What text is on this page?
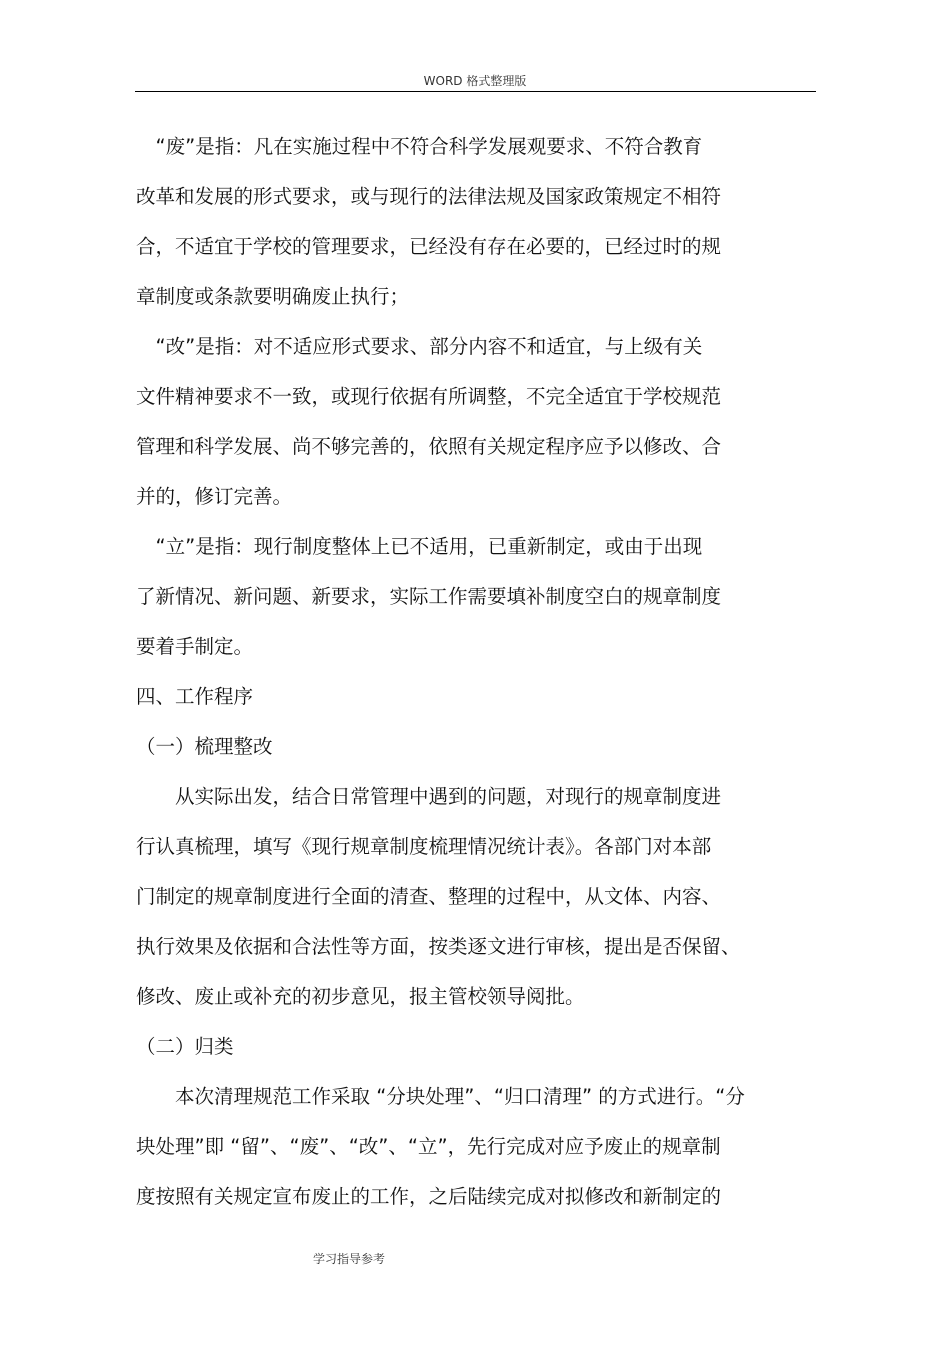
WORD 格式整理版
　“废”是指：凡在实施过程中不符合科学发展观要求、不符合教育
改革和发展的形式要求，或与现行的法律法规及国家政策规定不相符
合，不适宜于学校的管理要求，已经没有存在必要的，已经过时的规
章制度或条款要明确废止执行；
　“改”是指：对不适应形式要求、部分内容不和适宜，与上级有关
文件精神要求不一致，或现行依据有所调整，不完全适宜于学校规范
管理和科学发展、尚不够完善的，依照有关规定程序应予以修改、合
并的，修订完善。
　“立”是指：现行制度整体上已不适用，已重新制定，或由于出现
了新情况、新问题、新要求，实际工作需要填补制度空白的规章制度
要着手制定。
四、工作程序
（一）梳理整改
　　从实际出发，结合日常管理中遇到的问题，对现行的规章制度进
行认真梳理，填写《现行规章制度梳理情况统计表》。各部门对本部
门制定的规章制度进行全面的清查、整理的过程中，从文体、内容、
执行效果及依据和合法性等方面，按类逐文进行审核，提出是否保留、
修改、废止或补充的初步意见，报主管校领导阅批。
（二）归类
　　本次清理规范工作采取 “分块处理”、“归口清理” 的方式进行。“分
块处理”即 “留”、“废”、“改”、“立”，先行完成对应予废止的规章制
度按照有关规定宣布废止的工作，之后陆续完成对拟修改和新制定的
学习指导参考
